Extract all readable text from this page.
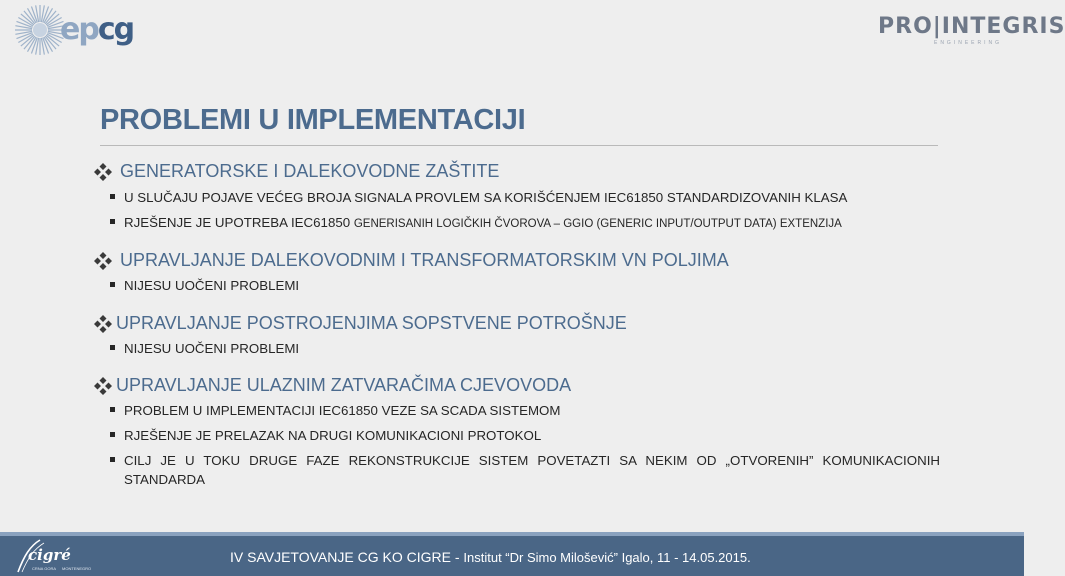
epcg	PRO|INTEGRIS
ENGINEERING
PROBLEMI U IMPLEMENTACIJI
GENERATORSKE I DALEKOVODNE ZAŠTITE
U SLUČAJU POJAVE VEĆEG BROJA SIGNALA PROVLEM SA KORIŠĆENJEM IEC61850 STANDARDIZOVANIH KLASA
RJEŠENJE JE UPOTREBA IEC61850 GENERISANIH LOGIČKIH ČVOROVA – GGIO (GENERIC INPUT/OUTPUT DATA) EXTENZIJA
UPRAVLJANJE DALEKOVODNIM I TRANSFORMATORSKIM VN POLJIMA
NIJESU UOČENI PROBLEMI
UPRAVLJANJE POSTROJENJIMA SOPSTVENE POTROŠNJE
NIJESU UOČENI PROBLEMI
UPRAVLJANJE ULAZNIM ZATVARAČIMA CJEVOVODA
PROBLEM U IMPLEMENTACIJI IEC61850 VEZE SA SCADA SISTEMOM
RJEŠENJE JE PRELAZAK NA DRUGI KOMUNIKACIONI PROTOKOL
CILJ JE U TOKU DRUGE FAZE REKONSTRUKCIJE SISTEM POVETAZTI SA NEKIM OD „OTVORENIH” KOMUNIKACIONIH STANDARDA
cigré
CRNA GORA MONTENEGRO
IV SAVJETOVANJE CG KO CIGRE - Institut “Dr Simo Milošević” Igalo, 11 - 14.05.2015.
